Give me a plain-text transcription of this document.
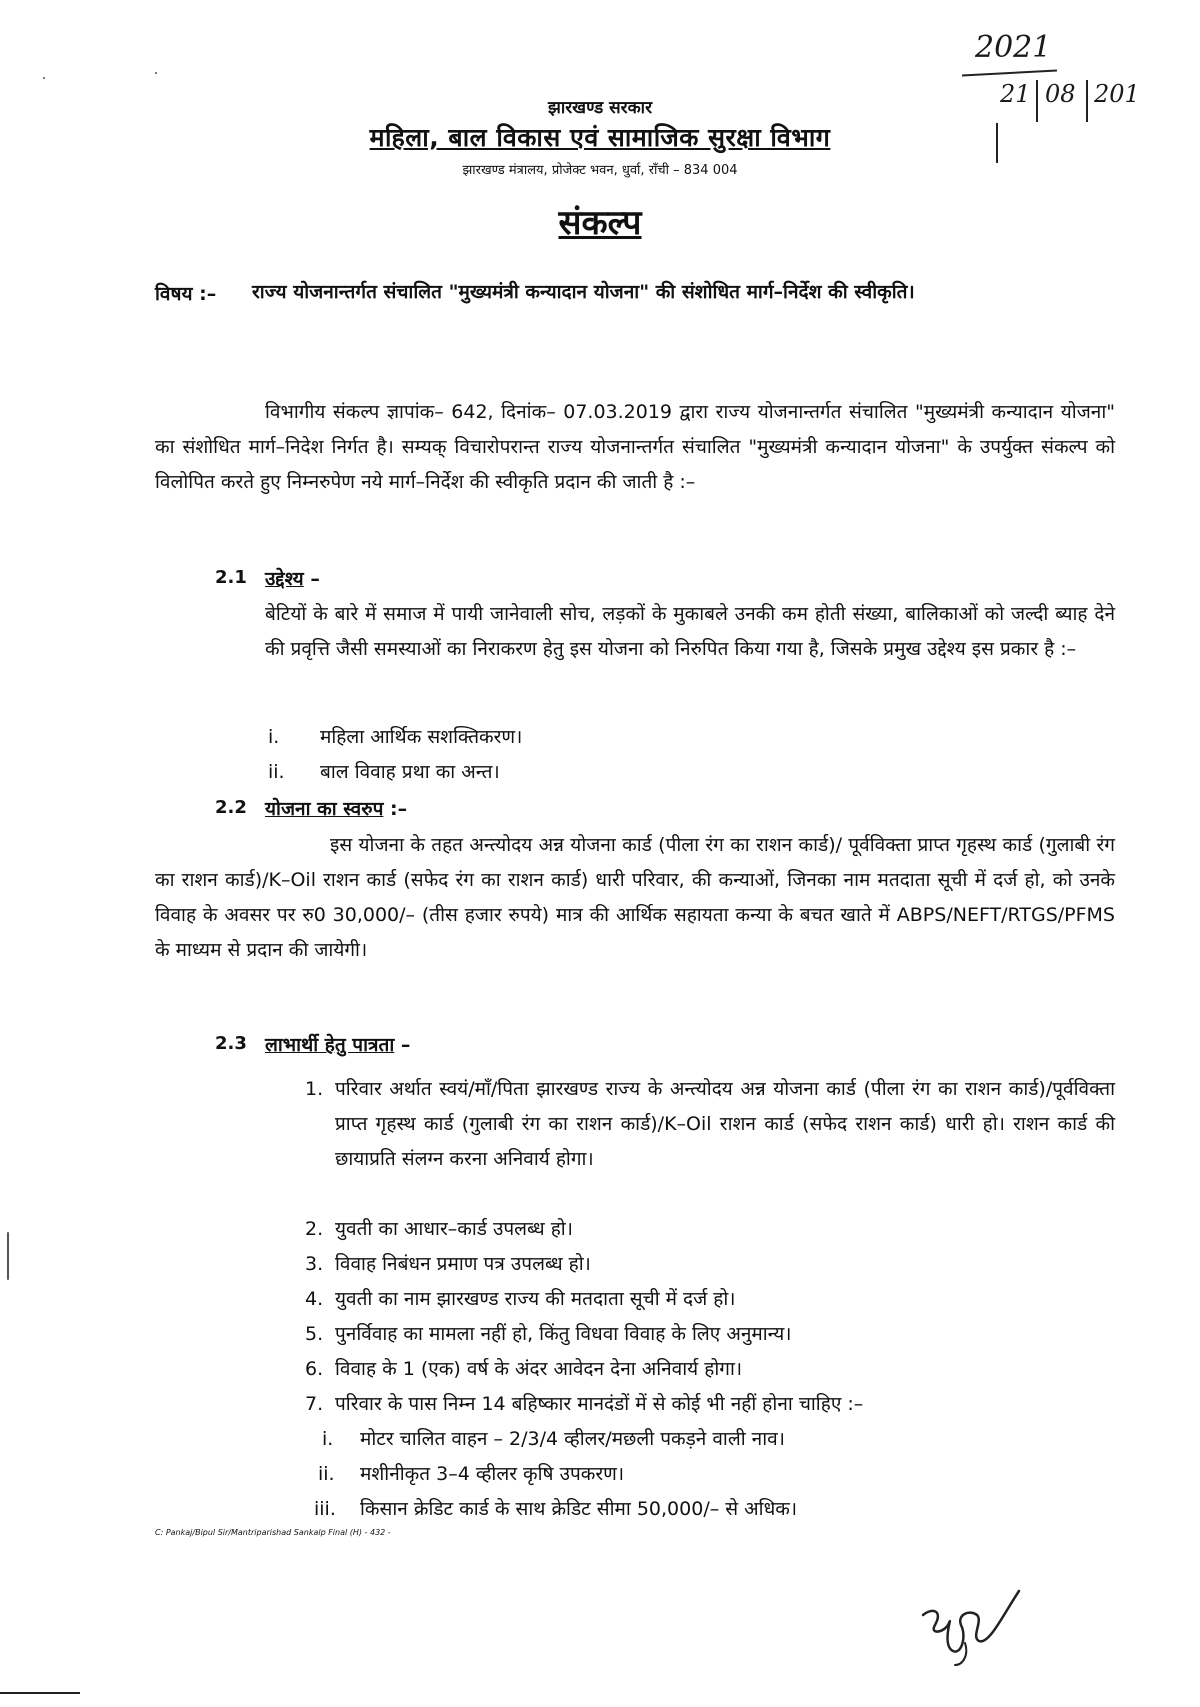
2021
21 08 201
झारखण्ड सरकार
महिला, बाल विकास एवं सामाजिक सुरक्षा विभाग
झारखण्ड मंत्रालय, प्रोजेक्ट भवन, धुर्वा, राँची – 834 004
संकल्प
विषय :– राज्य योजनान्तर्गत संचालित "मुख्यमंत्री कन्यादान योजना" की संशोधित मार्ग–निर्देश की स्वीकृति।
विभागीय संकल्प ज्ञापांक– 642, दिनांक– 07.03.2019 द्वारा राज्य योजनान्तर्गत संचालित "मुख्यमंत्री कन्यादान योजना" का संशोधित मार्ग–निदेश निर्गत है। सम्यक् विचारोपरान्त राज्य योजनान्तर्गत संचालित "मुख्यमंत्री कन्यादान योजना" के उपर्युक्त संकल्प को विलोपित करते हुए निम्नरुपेण नये मार्ग–निर्देश की स्वीकृति प्रदान की जाती है :–
2.1 उद्देश्य –
बेटियों के बारे में समाज में पायी जानेवाली सोच, लड़कों के मुकाबले उनकी कम होती संख्या, बालिकाओं को जल्दी ब्याह देने की प्रवृत्ति जैसी समस्याओं का निराकरण हेतु इस योजना को निरुपित किया गया है, जिसके प्रमुख उद्देश्य इस प्रकार है :–
i. महिला आर्थिक सशक्तिकरण।
ii. बाल विवाह प्रथा का अन्त।
2.2 योजना का स्वरुप :–
इस योजना के तहत अन्त्योदय अन्न योजना कार्ड (पीला रंग का राशन कार्ड)/ पूर्वविक्ता प्राप्त गृहस्थ कार्ड (गुलाबी रंग का राशन कार्ड)/K–Oil राशन कार्ड (सफेद रंग का राशन कार्ड) धारी परिवार, की कन्याओं, जिनका नाम मतदाता सूची में दर्ज हो, को उनके विवाह के अवसर पर रु0 30,000/– (तीस हजार रुपये) मात्र की आर्थिक सहायता कन्या के बचत खाते में ABPS/NEFT/RTGS/PFMS के माध्यम से प्रदान की जायेगी।
2.3 लाभार्थी हेतु पात्रता –
1. परिवार अर्थात स्वयं/माँ/पिता झारखण्ड राज्य के अन्त्योदय अन्न योजना कार्ड (पीला रंग का राशन कार्ड)/पूर्वविक्ता प्राप्त गृहस्थ कार्ड (गुलाबी रंग का राशन कार्ड)/K–Oil राशन कार्ड (सफेद राशन कार्ड) धारी हो। राशन कार्ड की छायाप्रति संलग्न करना अनिवार्य होगा।
2. युवती का आधार–कार्ड उपलब्ध हो।
3. विवाह निबंधन प्रमाण पत्र उपलब्ध हो।
4. युवती का नाम झारखण्ड राज्य की मतदाता सूची में दर्ज हो।
5. पुनर्विवाह का मामला नहीं हो, किंतु विधवा विवाह के लिए अनुमान्य।
6. विवाह के 1 (एक) वर्ष के अंदर आवेदन देना अनिवार्य होगा।
7. परिवार के पास निम्न 14 बहिष्कार मानदंडों में से कोई भी नहीं होना चाहिए :–
i. मोटर चालित वाहन – 2/3/4 व्हीलर/मछली पकड़ने वाली नाव।
ii. मशीनीकृत 3–4 व्हीलर कृषि उपकरण।
iii. किसान क्रेडिट कार्ड के साथ क्रेडिट सीमा 50,000/– से अधिक।
C: Pankaj/Bipul Sir/Mantriparishad Sankalp Final (H) - 432 -
